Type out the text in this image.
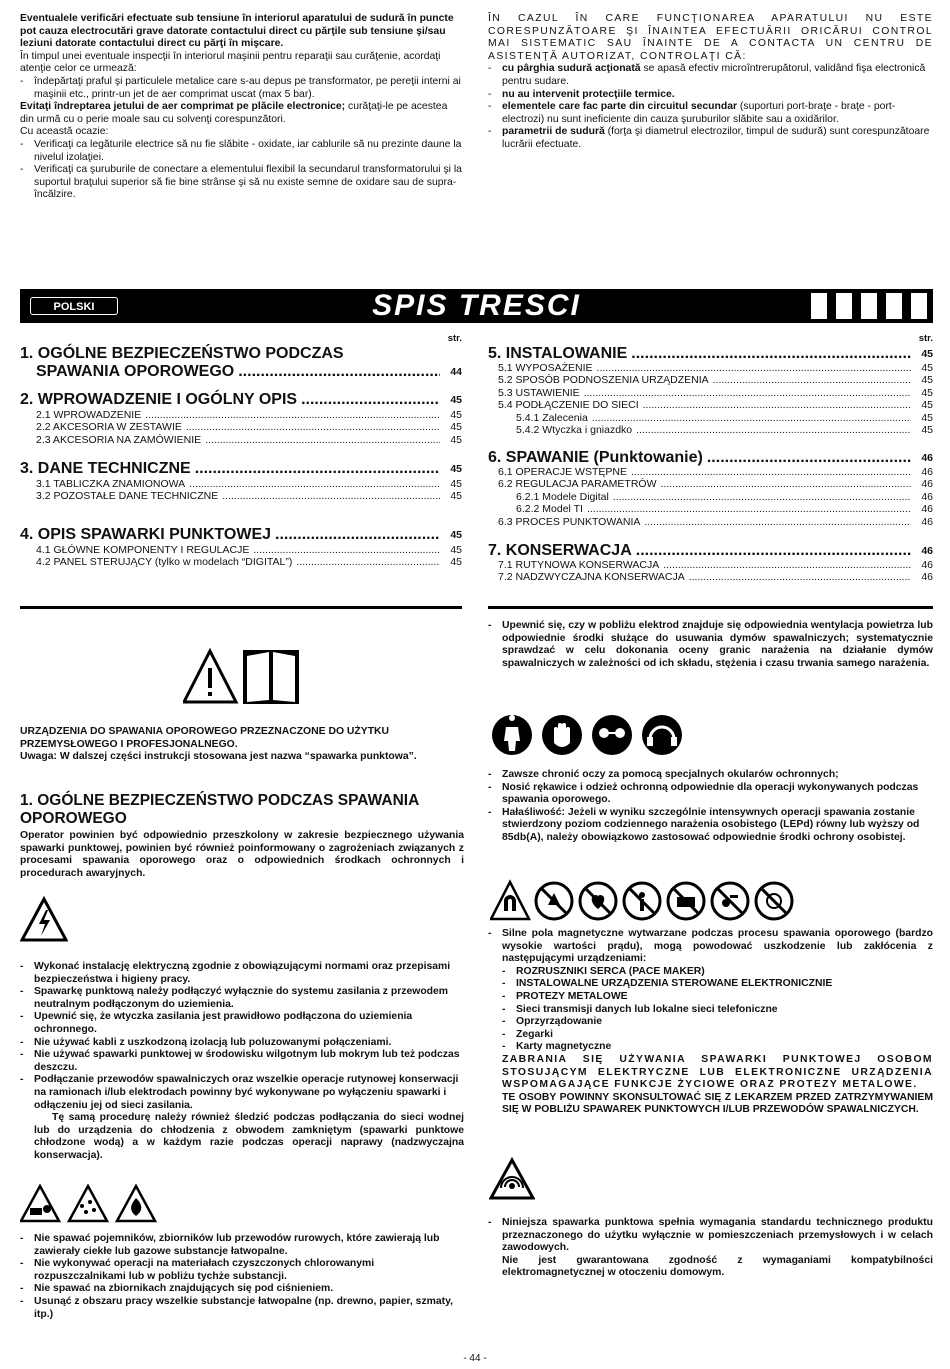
Eventualele verificări efectuate sub tensiune în interiorul aparatului de sudură în puncte pot cauza electrocutări grave datorate contactului direct cu părţile sub tensiune şi/sau leziuni datorate contactului direct cu părţi în mişcare.

În timpul unei eventuale inspecţii în interiorul maşinii pentru reparaţii sau curăţenie, acordaţi atenţie celor ce urmează:

- îndepărtaţi praful şi particulele metalice care s-au depus pe transformator, pe pereţii interni ai maşinii etc., printr-un jet de aer comprimat uscat (max 5 bar).

Evitaţi îndreptarea jetului de aer comprimat pe plăcile electronice; curăţaţi-le pe acestea din urmă cu o perie moale sau cu solvenţi corespunzători.

Cu această ocazie:

- Verificaţi ca legăturile electrice să nu fie slăbite - oxidate, iar cablurile să nu prezinte daune la nivelul izolaţiei.
- Verificaţi ca şuruburile de conectare a elementului flexibil la secundarul transformatorului şi la suportul braţului superior să fie bine strânse şi să nu existe semne de oxidare sau de supra-încălzire.

ÎN CAZUL ÎN CARE FUNCŢIONAREA APARATULUI NU ESTE CORESPUNZĂTOARE ŞI ÎNAINTEA EFECTUĂRII ORICĂRUI CONTROL MAI SISTEMATIC SAU ÎNAINTE DE A CONTACTA UN CENTRU DE ASISTENŢĂ AUTORIZAT, CONTROLAŢI CĂ:

- cu pârghia sudură acţionată se apasă efectiv microîntrerupătorul, validând fişa electronică pentru sudare.
- nu au intervenit protecţiile termice.
- elementele care fac parte din circuitul secundar (suporturi port-braţe - braţe - port-electrozi) nu sunt ineficiente din cauza şuruburilor slăbite sau a oxidărilor.
- parametrii de sudură (forţa şi diametrul electrozilor, timpul de sudură) sunt corespunzătoare lucrării efectuate.
SPIS TRESCI
POLSKI
str.
1. OGÓLNE BEZPIECZEŃSTWO PODCZAS
SPAWANIA OPOROWEGO .....	44
2. WPROWADZENIE I OGÓLNY OPIS .....	45
2.1 WPROWADZENIE .....	45
2.2 AKCESORIA W ZESTAWIE .....	45
2.3 AKCESORIA NA ZAMÓWIENIE .....	45
3. DANE TECHNICZNE .....	45
3.1 TABLICZKA ZNAMIONOWA .....	45
3.2 POZOSTAŁE DANE TECHNICZNE .....	45
4. OPIS SPAWARKI PUNKTOWEJ .....	45
4.1 GŁÓWNE KOMPONENTY I REGULACJE .....	45
4.2 PANEL STERUJĄCY (tylko w modelach “DIGITAL”) .....	45
str.
5. INSTALOWANIE .....	45
5.1 WYPOSAŻENIE .....	45
5.2 SPOSÓB PODNOSZENIA URZĄDZENIA .....	45
5.3 USTAWIENIE .....	45
5.4 PODŁĄCZENIE DO SIECI .....	45
5.4.1 Zalecenia .....	45
5.4.2 Wtyczka i gniazdko .....	45
6. SPAWANIE (Punktowanie) .....	46
6.1 OPERACJE WSTĘPNE .....	46
6.2 REGULACJA PARAMETRÓW .....	46
6.2.1 Modele Digital .....	46
6.2.2 Model TI .....	46
6.3 PROCES PUNKTOWANIA .....	46
7. KONSERWACJA .....	46
7.1 RUTYNOWA KONSERWACJA .....	46
7.2 NADZWYCZAJNA KONSERWACJA .....	46

URZĄDZENIA DO SPAWANIA OPOROWEGO PRZEZNACZONE DO UŻYTKU PRZEMYSŁOWEGO I PROFESJONALNEGO.

Uwaga: W dalszej części instrukcji stosowana jest nazwa “spawarka punktowa”.

1. OGÓLNE BEZPIECZEŃSTWO PODCZAS SPAWANIA OPOROWEGO
Operator powinien być odpowiednio przeszkolony w zakresie bezpiecznego używania spawarki punktowej, powinien być również poinformowany o zagrożeniach związanych z procesami spawania oporowego oraz o odpowiednich środkach ochronnych i procedurach awaryjnych.
- Wykonać instalację elektryczną zgodnie z obowiązującymi normami oraz przepisami bezpieczeństwa i higieny pracy.
- Spawarkę punktową należy podłączyć wyłącznie do systemu zasilania z przewodem neutralnym podłączonym do uziemienia.
- Upewnić się, że wtyczka zasilania jest prawidłowo podłączona do uziemienia ochronnego.
- Nie używać kabli z uszkodzoną izolacją lub poluzowanymi połączeniami.
- Nie używać spawarki punktowej w środowisku wilgotnym lub mokrym lub też podczas deszczu.
- Podłączanie przewodów spawalniczych oraz wszelkie operacje rutynowej konserwacji na ramionach i/lub elektrodach powinny być wykonywane po wyłączeniu spawarki i odłączeniu jej od sieci zasilania.

Tę samą procedurę należy również śledzić podczas podłączania do sieci wodnej lub do urządzenia do chłodzenia z obwodem zamkniętym (spawarki punktowe chłodzone wodą) a w każdym razie podczas operacji naprawy (nadzwyczajna konserwacja).

- Nie spawać pojemników, zbiorników lub przewodów rurowych, które zawierają lub zawierały ciekłe lub gazowe substancje łatwopalne.
- Nie wykonywać operacji na materiałach czyszczonych chlorowanymi rozpuszczalnikami lub w pobliżu tychże substancji.
- Nie spawać na zbiornikach znajdujących się pod ciśnieniem.
- Usunąć z obszaru pracy wszelkie substancje łatwopalne (np. drewno, papier, szmaty, itp.)
- Upewnić się, czy w pobliżu elektrod znajduje się odpowiednia wentylacja powietrza lub odpowiednie środki służące do usuwania dymów spawalniczych; systematycznie sprawdzać w celu dokonania oceny granic narażenia na działanie dymów spawalniczych w zależności od ich składu, stężenia i czasu trwania samego narażenia.
- Zawsze chronić oczy za pomocą specjalnych okularów ochronnych;
- Nosić rękawice i odzież ochronną odpowiednie dla operacji wykonywanych podczas spawania oporowego.
- Hałaśliwość: Jeżeli w wyniku szczególnie intensywnych operacji spawania zostanie stwierdzony poziom codziennego narażenia osobistego (LEPd) równy lub wyższy od 85db(A), należy obowiązkowo zastosować odpowiednie środki ochrony osobistej.
- Silne pola magnetyczne wytwarzane podczas procesu spawania oporowego (bardzo wysokie wartości prądu), mogą powodować uszkodzenie lub zakłócenia z następującymi urządzeniami:
- ROZRUSZNIKI SERCA (PACE MAKER)
- INSTALOWALNE URZĄDZENIA STEROWANE ELEKTRONICZNIE
- PROTEZY METALOWE
- Sieci transmisji danych lub lokalne sieci telefoniczne
- Oprzyrządowanie
- Zegarki
- Karty magnetyczne

ZABRANIA SIĘ UŻYWANIA SPAWARKI PUNKTOWEJ OSOBOM STOSUJĄCYM ELEKTRYCZNE LUB ELEKTRONICZNE URZĄDZENIA WSPOMAGAJĄCE FUNKCJE ŻYCIOWE ORAZ PROTEZY METALOWE.

TE OSOBY POWINNY SKONSULTOWAĆ SIĘ Z LEKARZEM PRZED ZATRZYMYWANIEM SIĘ W POBLIŻU SPAWAREK PUNKTOWYCH I/LUB PRZEWODÓW SPAWALNICZYCH.

- Niniejsza spawarka punktowa spełnia wymagania standardu technicznego produktu przeznaczonego do użytku wyłącznie w pomieszczeniach przemysłowych i w celach zawodowych.
Nie jest gwarantowana zgodność z wymaganiami kompatybilności elektromagnetycznej w otoczeniu domowym.
- 44 -
